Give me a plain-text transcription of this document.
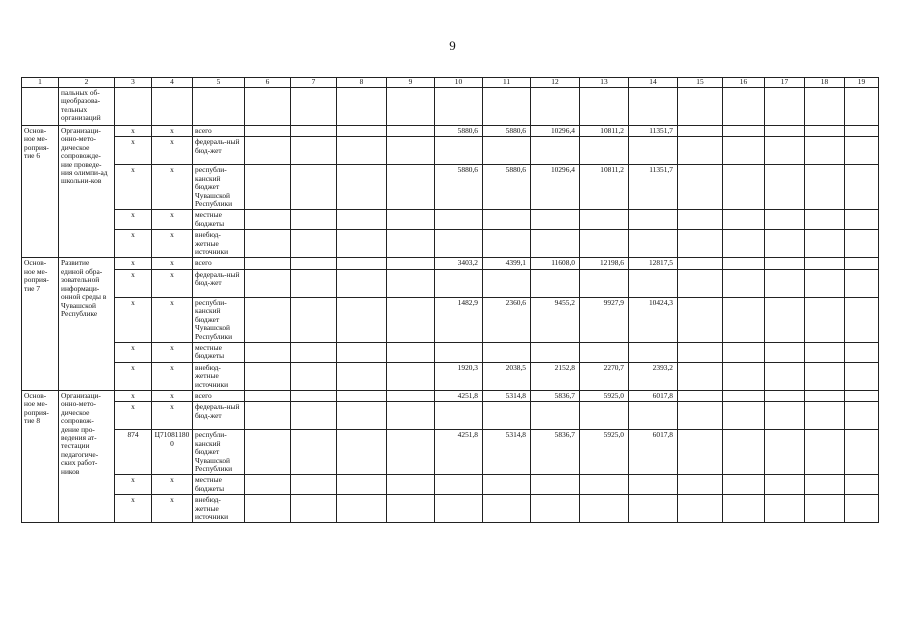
9
1	2	3	4	5	6	7	8	9	10	11	12	13	14	15	16	17	18	19
	пальных об-щеобразова-тельных организаций																	
Основ-ное ме-роприя-тие 6	Организаци-онно-мето-дическое сопровожде-ние проведе-ния олимпи-ад школьни-ков	х	х	всего					5880,6	5880,6	10296,4	10811,2	11351,7					
		х	х	федераль-ный бюд-жет														
		х	х	республи-канский бюджет Чувашской Республики					5880,6	5880,6	10296,4	10811,2	11351,7					
		х	х	местные бюджеты														
		х	х	внебюд-жетные источники														
Основ-ное ме-роприя-тие 7	Развитие единой обра-зовательной информаци-онной среды в Чувашской Республике	х	х	всего					3403,2	4399,1	11608,0	12198,6	12817,5					
		х	х	федераль-ный бюд-жет														
		х	х	республи-канский бюджет Чувашской Республики					1482,9	2360,6	9455,2	9927,9	10424,3					
		х	х	местные бюджеты														
		х	х	внебюд-жетные источники					1920,3	2038,5	2152,8	2270,7	2393,2					
Основ-ное ме-роприя-тие 8	Организаци-онно-мето-дическое сопровож-дение про-ведения ат-тестации педагогиче-ских работ-ников	х	х	всего					4251,8	5314,8	5836,7	5925,0	6017,8					
		х	х	федераль-ный бюд-жет														
		874	Ц710811800	республи-канский бюджет Чувашской Республики					4251,8	5314,8	5836,7	5925,0	6017,8					
		х	х	местные бюджеты														
		х	х	внебюд-жетные источники														
